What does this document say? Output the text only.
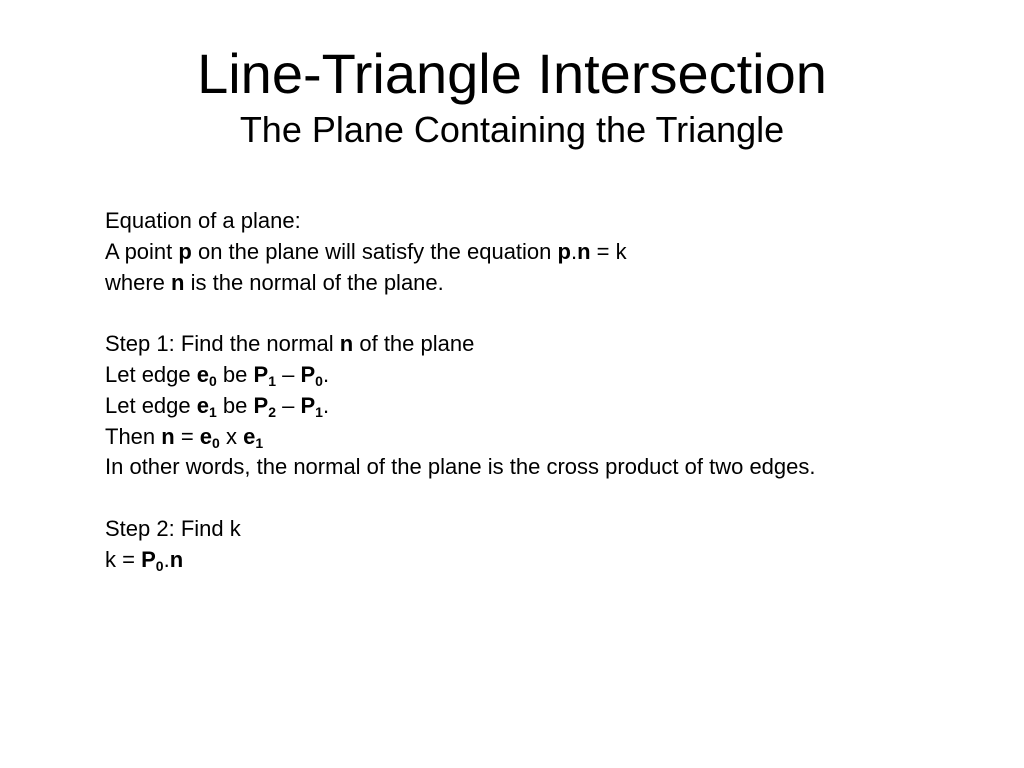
Line-Triangle Intersection
The Plane Containing the Triangle
Equation of a plane:
A point p on the plane will satisfy the equation p.n = k
where n is the normal of the plane.
Step 1: Find the normal n of the plane
Let edge $e_0$ be $P_1 - P_0$.
Let edge $e_1$ be $P_2 - P_1$.
Then $n = e_0$ x $e_1$
In other words, the normal of the plane is the cross product of two edges.
Step 2: Find k
$k = P_0.n$
